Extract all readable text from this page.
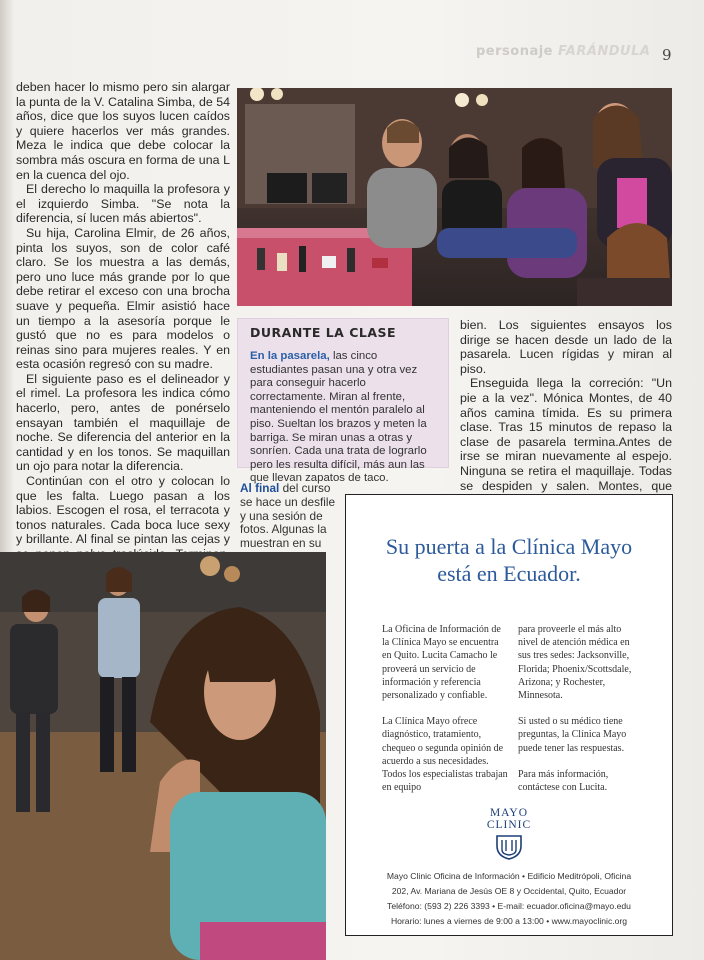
personaje FARÁNDULA 9

deben hacer lo mismo pero sin alargar la punta de la V. Catalina Simba, de 54 años, dice que los suyos lucen caídos y quiere hacerlos ver más grandes. Meza le indica que debe colocar la sombra más oscura en forma de una L en la cuenca del ojo.

El derecho lo maquilla la profesora y el izquierdo Simba. "Se nota la diferencia, sí lucen más abiertos".

Su hija, Carolina Elmir, de 26 años, pinta los suyos, son de color café claro. Se los muestra a las demás, pero uno luce más grande por lo que debe retirar el exceso con una brocha suave y pequeña. Elmir asistió hace un tiempo a la asesoría porque le gustó que no es para modelos o reinas sino para mujeres reales. Y en esta ocasión regresó con su madre.

El siguiente paso es el delineador y el rimel. La profesora les indica cómo hacerlo, pero, antes de ponérselo ensayan también el maquillaje de noche. Se diferencia del anterior en la cantidad y en los tonos. Se maquillan un ojo para notar la diferencia.

Continúan con el otro y colocan lo que les falta. Luego pasan a los labios. Escogen el rosa, el terracota y tonos naturales. Cada boca luce sexy y brillante. Al final se pintan las cejas y

DURANTE LA CLASE
En la pasarela, las cinco estudiantes pasan una y otra vez para conseguir hacerlo correctamente. Miran al frente, manteniendo el mentón paralelo al piso. Sueltan los brazos y meten la barriga. Se miran unas a otras y sonríen. Cada una trata de lograrlo pero les resulta difícil, más aun las que llevan zapatos de taco.

bien. Los siguientes ensayos los dirige se hacen desde un lado de la pasarela. Lucen rígidas y miran al piso.

Enseguida llega la correción: "Un pie a la vez". Mónica Montes, de 40 años camina tímida. Es su primera clase. Tras 15 minutos de repaso la clase de pasarela termina.Antes de irse se miran nuevamente al espejo. Ninguna se retira el maquillaje. Todas se despiden y salen. Montes, que

Al final del curso se hace un desfile y una sesión de fotos. Algunas la muestran en su	Su puerta a la Clínica Mayo
está en Ecuador.

La Oficina de Información de la Clínica Mayo se encuentra en Quito. Lucita Camacho le proveerá un servicio de información y referencia personalizado y confiable.

La Clínica Mayo ofrece diagnóstico, tratamiento, chequeo o segunda opinión de acuerdo a sus necesidades. Todos los especialistas trabajan en equipo

para proveerle el más alto nivel de atención médica en sus tres sedes: Jacksonville, Florida; Phoenix/Scottsdale, Arizona; y Rochester, Minnesota.

Si usted o su médico tiene preguntas, la Clínica Mayo puede tener las respuestas.

Para más información, contáctese con Lucita.

MAYO
CLINIC
Mayo Clinic Oficina de Información • Edificio Meditrópoli, Oficina
202, Av. Mariana de Jesús OE 8 y Occidental, Quito, Ecuador
Teléfono: (593 2) 226 3393 • E-mail: ecuador.oficina@mayo.edu
Horario: lunes a viernes de 9:00 a 13:00 • www.mayoclinic.org
